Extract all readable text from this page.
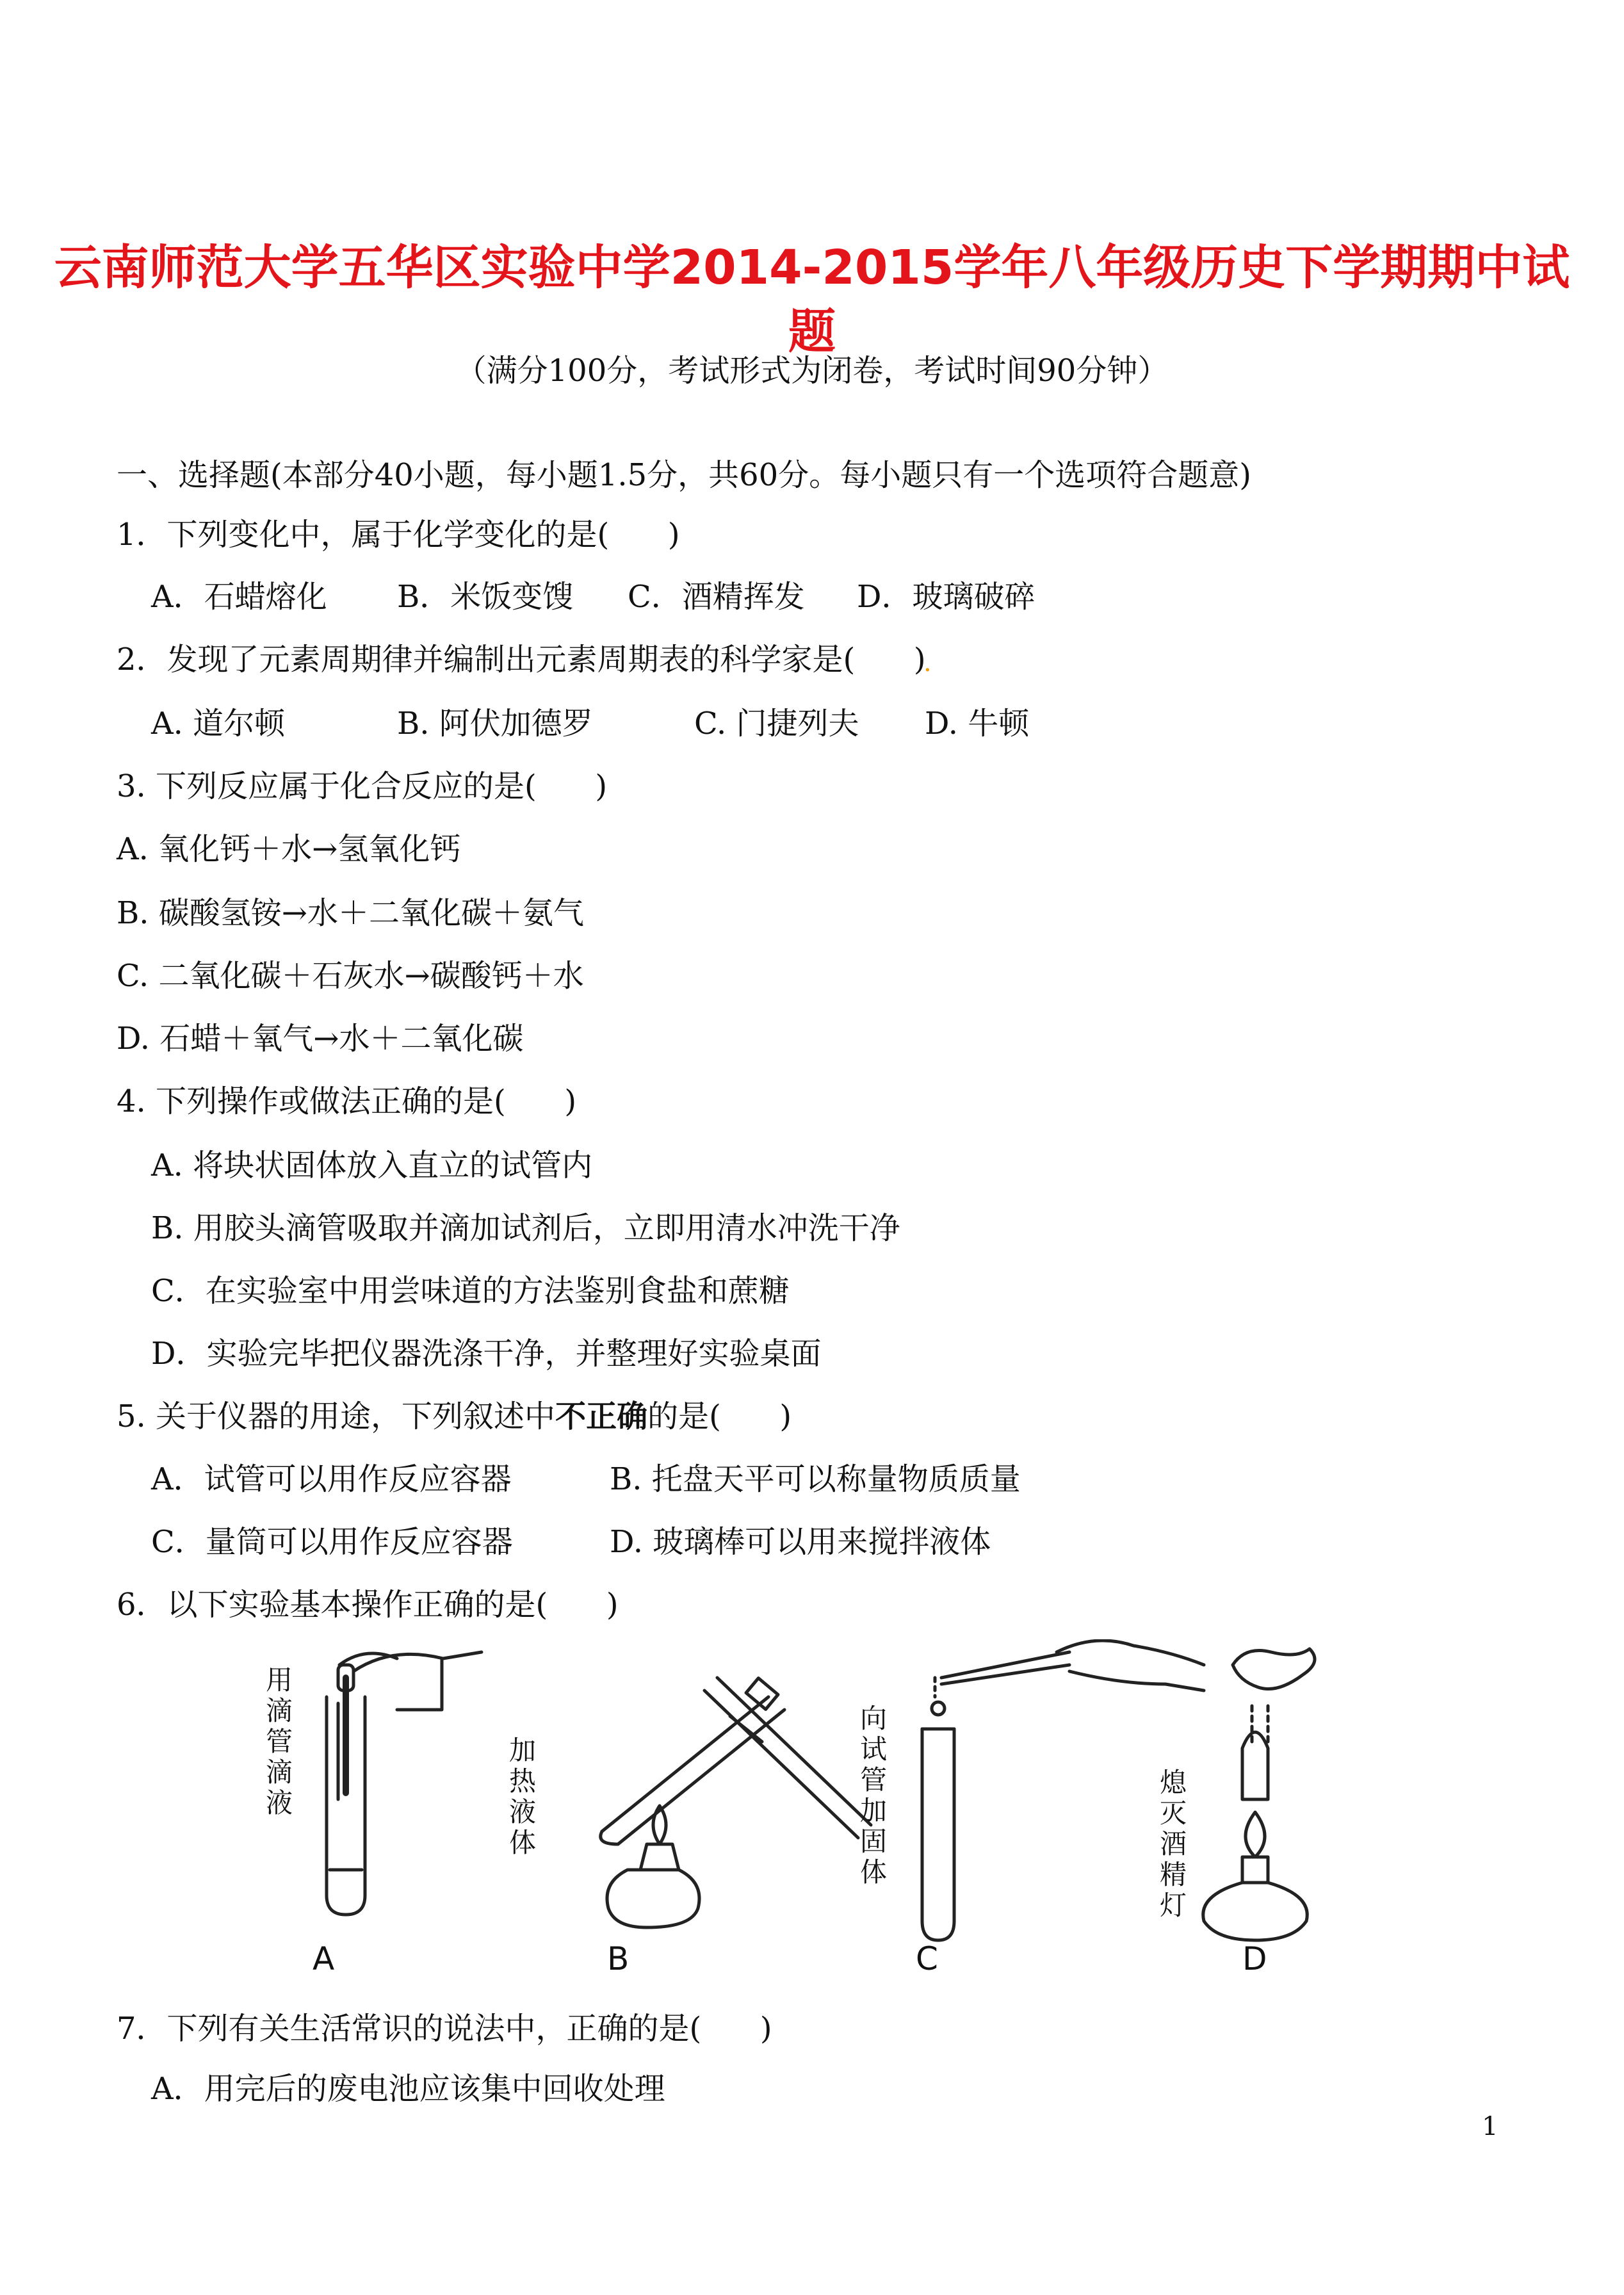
云南师范大学五华区实验中学2014-2015学年八年级历史下学期期中试
题
（满分100分，考试形式为闭卷，考试时间90分钟）
一、选择题(本部分40小题，每小题1.5分，共60分。每小题只有一个选项符合题意)
1．下列变化中，属于化学变化的是(      )
A．石蜡熔化 B．米饭变馊 C．酒精挥发 D．玻璃破碎
2．发现了元素周期律并编制出元素周期表的科学家是(      )
.
A. 道尔顿	B. 阿伏加德罗	C. 门捷列夫 D. 牛顿
3. 下列反应属于化合反应的是(      )
A. 氧化钙＋水→氢氧化钙
B. 碳酸氢铵→水＋二氧化碳＋氨气
C. 二氧化碳＋石灰水→碳酸钙＋水
D. 石蜡＋氧气→水＋二氧化碳
4. 下列操作或做法正确的是(      )
A. 将块状固体放入直立的试管内
B. 用胶头滴管吸取并滴加试剂后，立即用清水冲洗干净
C．在实验室中用尝味道的方法鉴别食盐和蔗糖
D．实验完毕把仪器洗涤干净，并整理好实验桌面
5. 关于仪器的用途，下列叙述中不正确的是(      )
A．试管可以用作反应容器	B. 托盘天平可以称量物质质量
C．量筒可以用作反应容器	D. 玻璃棒可以用来搅拌液体
6．以下实验基本操作正确的是(      )
用滴管滴液
加热液体
向试管加固体
熄灭酒精灯
A	B	C	D
7．下列有关生活常识的说法中，正确的是(      )
A．用完后的废电池应该集中回收处理
1
